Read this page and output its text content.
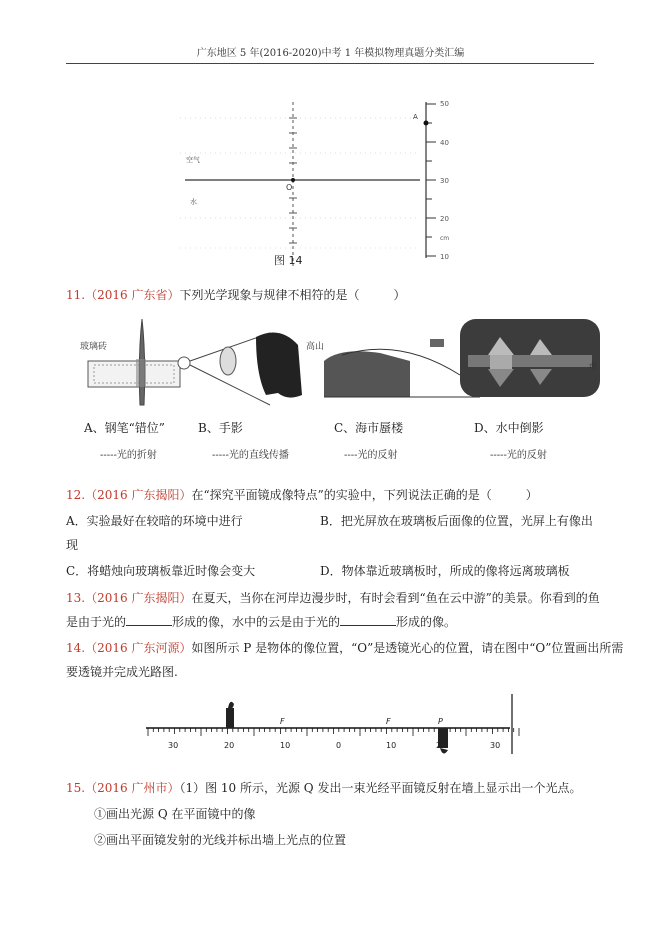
广东地区 5 年(2016-2020)中考 1 年模拟物理真题分类汇编
空气
水
O
A
50
40
30
20
cm
10
图 14
11.（2016 广东省）下列光学现象与规律不相符的是（	）
玻璃砖	高山
水
A、钢笔“错位”	B、手影	C、海市蜃楼	D、水中倒影
-----光的折射	-----光的直线传播	----光的反射	-----光的反射
12.（2016 广东揭阳）在“探究平面镜成像特点”的实验中，下列说法正确的是（	）
A．实验最好在较暗的环境中进行	B．把光屏放在玻璃板后面像的位置，光屏上有像出
现
C．将蜡烛向玻璃板靠近时像会变大	D．物体靠近玻璃板时，所成的像将远离玻璃板
13.（2016 广东揭阳）在夏天，当你在河岸边漫步时，有时会看到“鱼在云中游”的美景。你看到的鱼
是由于光的	形成的像，水中的云是由于光的	形成的像。
14.（2016 广东河源）如图所示 P 是物体的像位置，“O”是透镜光心的位置，请在图中“O”位置画出所需
要透镜并完成光路图.
F	F	P
30	20	10	0	10	20	30
15.（2016 广州市）（1）图 10 所示，光源 Q 发出一束光经平面镜反射在墙上显示出一个光点。
①画出光源 Q 在平面镜中的像
②画出平面镜发射的光线并标出墙上光点的位置
